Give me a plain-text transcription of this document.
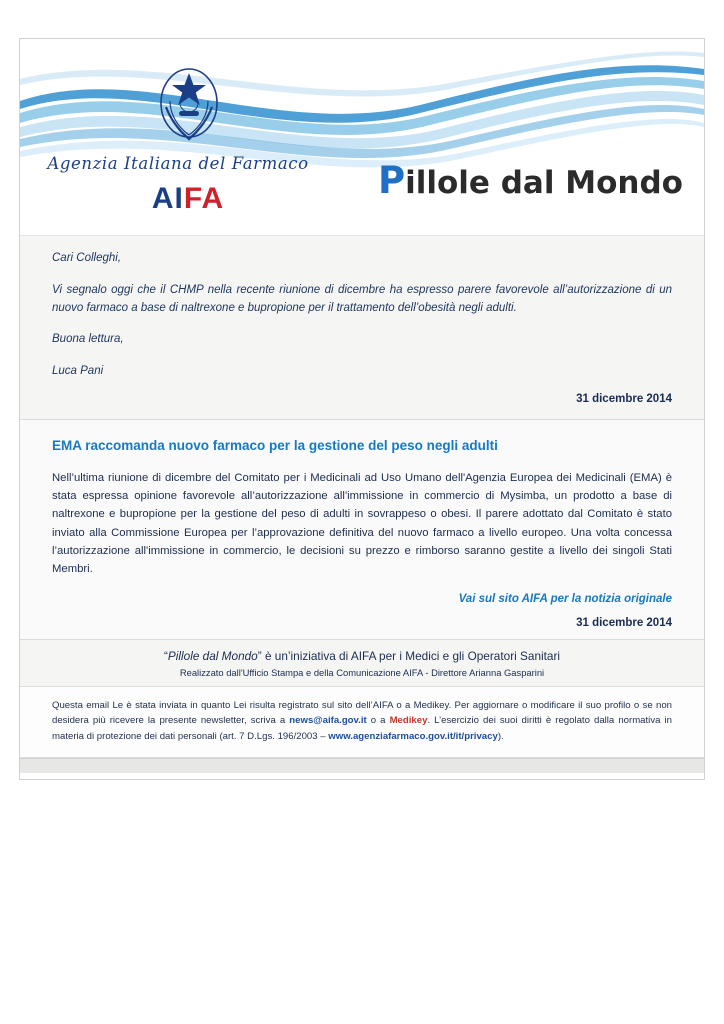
Agenzia Italiana del Farmaco
AIFA	Pillole dal Mondo

Cari Colleghi,

Vi segnalo oggi che il CHMP nella recente riunione di dicembre ha espresso parere favorevole all’autorizzazione di un nuovo farmaco a base di naltrexone e bupropione per il trattamento dell’obesità negli adulti.

Buona lettura,

Luca Pani

31 dicembre 2014

EMA raccomanda nuovo farmaco per la gestione del peso negli adulti

Nell’ultima riunione di dicembre del Comitato per i Medicinali ad Uso Umano dell'Agenzia Europea dei Medicinali (EMA) è stata espressa opinione favorevole all’autorizzazione all'immissione in commercio di Mysimba, un prodotto a base di naltrexone e bupropione per la gestione del peso di adulti in sovrappeso o obesi. Il parere adottato dal Comitato è stato inviato alla Commissione Europea per l’approvazione definitiva del nuovo farmaco a livello europeo. Una volta concessa l’autorizzazione all'immissione in commercio, le decisioni su prezzo e rimborso saranno gestite a livello dei singoli Stati Membri.

Vai sul sito AIFA per la notizia originale

31 dicembre 2014

“Pillole dal Mondo” è un’iniziativa di AIFA per i Medici e gli Operatori Sanitari

Realizzato dall'Ufficio Stampa e della Comunicazione AIFA - Direttore Arianna Gasparini

Questa email Le è stata inviata in quanto Lei risulta registrato sul sito dell’AIFA o a Medikey. Per aggiornare o modificare il suo profilo o se non desidera più ricevere la presente newsletter, scriva a news@aifa.gov.it o a Medikey. L’esercizio dei suoi diritti è regolato dalla normativa in materia di protezione dei dati personali (art. 7 D.Lgs. 196/2003 – www.agenziafarmaco.gov.it/it/privacy).
